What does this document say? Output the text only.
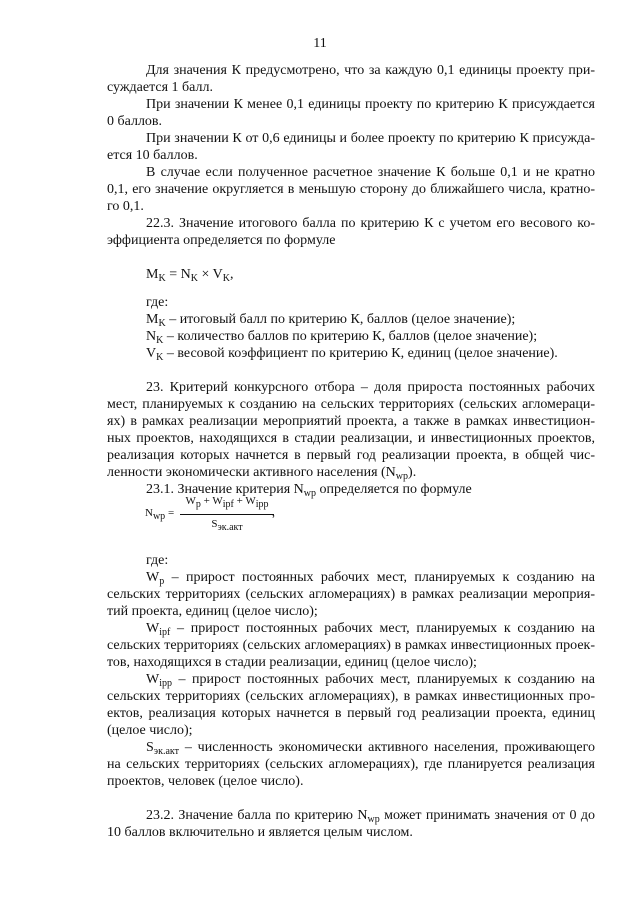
11
Для значения К предусмотрено, что за каждую 0,1 единицы проекту при-
суждается 1 балл.
При значении К менее 0,1 единицы проекту по критерию К присуждается
0 баллов.
При значении К от 0,6 единицы и более проекту по критерию К присужда-
ется 10 баллов.
В случае если полученное расчетное значение К больше 0,1 и не кратно
0,1, его значение округляется в меньшую сторону до ближайшего числа, кратно-
го 0,1.
22.3. Значение итогового балла по критерию К с учетом его весового ко-
эффициента определяется по формуле
$M_K = N_K \times V_K$,
где:
$M_K$ – итоговый балл по критерию К, баллов (целое значение);
$N_K$ – количество баллов по критерию К, баллов (целое значение);
$V_K$ – весовой коэффициент по критерию К, единиц (целое значение).
23. Критерий конкурсного отбора – доля прироста постоянных рабочих
мест, планируемых к созданию на сельских территориях (сельских агломераци-
ях) в рамках реализации мероприятий проекта, а также в рамках инвестицион-
ных проектов, находящихся в стадии реализации, и инвестиционных проектов,
реализация которых начнется в первый год реализации проекта, в общей чис-
ленности экономически активного населения $(N_{wp})$.
23.1. Значение критерия $N_{wp}$ определяется по формуле
Nwp =
Wp + Wipf + Wipp
Sэк.акт
,
где:
$W_p$ – прирост постоянных рабочих мест, планируемых к созданию на
сельских территориях (сельских агломерациях) в рамках реализации мероприя-
тий проекта, единиц (целое число);
$W_{ipf}$ – прирост постоянных рабочих мест, планируемых к созданию на
сельских территориях (сельских агломерациях) в рамках инвестиционных проек-
тов, находящихся в стадии реализации, единиц (целое число);
$W_{ipp}$ – прирост постоянных рабочих мест, планируемых к созданию на
сельских территориях (сельских агломерациях), в рамках инвестиционных про-
ектов, реализация которых начнется в первый год реализации проекта, единиц
(целое число);
$S_{эк.акт}$ – численность экономически активного населения, проживающего
на сельских территориях (сельских агломерациях), где планируется реализация
проектов, человек (целое число).
23.2. Значение балла по критерию $N_{wp}$ может принимать значения от 0 до
10 баллов включительно и является целым числом.
